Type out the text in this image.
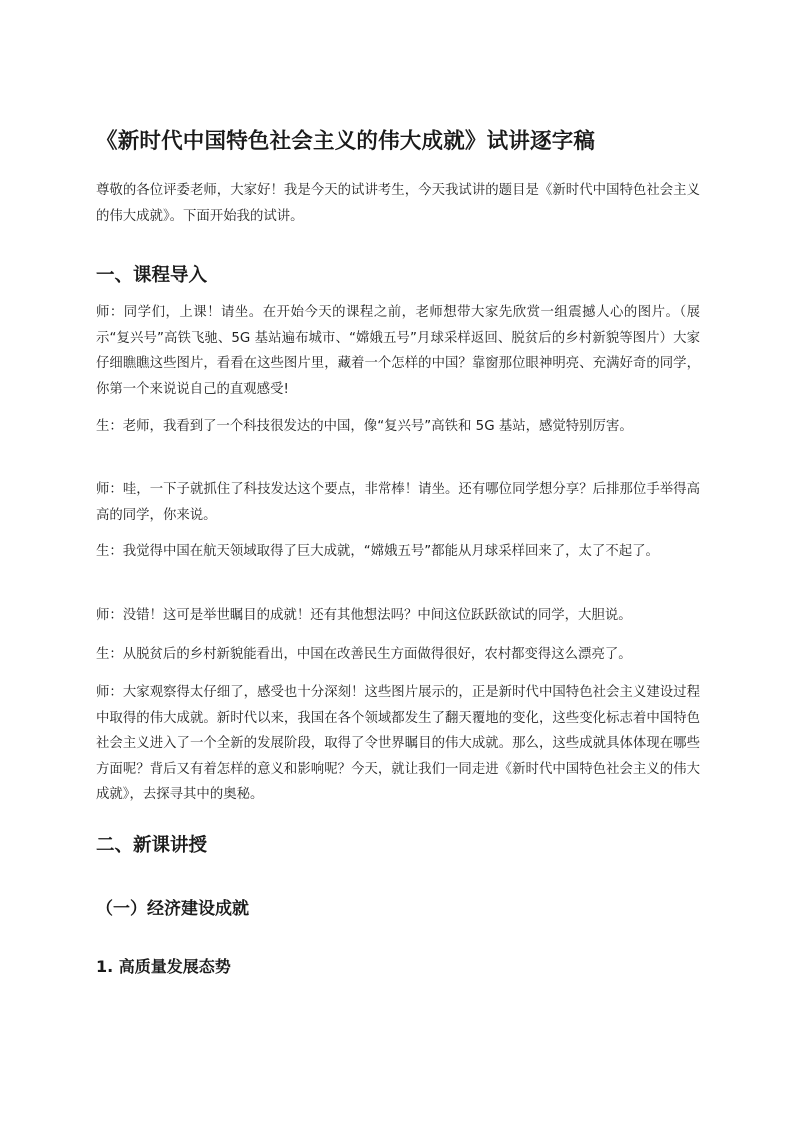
《新时代中国特色社会主义的伟大成就》试讲逐字稿

尊敬的各位评委老师，大家好！我是今天的试讲考生，今天我试讲的题目是《新时代中国特色社会主义的伟大成就》。下面开始我的试讲。

一、课程导入

师：同学们，上课！请坐。在开始今天的课程之前，老师想带大家先欣赏一组震撼人心的图片。（展示“复兴号”高铁飞驰、5G 基站遍布城市、“嫦娥五号”月球采样返回、脱贫后的乡村新貌等图片）大家仔细瞧瞧这些图片，看看在这些图片里，藏着一个怎样的中国？靠窗那位眼神明亮、充满好奇的同学，你第一个来说说自己的直观感受!

生：老师，我看到了一个科技很发达的中国，像“复兴号”高铁和 5G 基站，感觉特别厉害。

师：哇，一下子就抓住了科技发达这个要点，非常棒！请坐。还有哪位同学想分享？后排那位手举得高高的同学，你来说。

生：我觉得中国在航天领域取得了巨大成就，“嫦娥五号”都能从月球采样回来了，太了不起了。

师：没错！这可是举世瞩目的成就！还有其他想法吗？中间这位跃跃欲试的同学，大胆说。

生：从脱贫后的乡村新貌能看出，中国在改善民生方面做得很好，农村都变得这么漂亮了。

师：大家观察得太仔细了，感受也十分深刻！这些图片展示的，正是新时代中国特色社会主义建设过程中取得的伟大成就。新时代以来，我国在各个领域都发生了翻天覆地的变化，这些变化标志着中国特色社会主义进入了一个全新的发展阶段，取得了令世界瞩目的伟大成就。那么，这些成就具体体现在哪些方面呢？背后又有着怎样的意义和影响呢？今天，就让我们一同走进《新时代中国特色社会主义的伟大成就》，去探寻其中的奥秘。

二、新课讲授
（一）经济建设成就
1. 高质量发展态势
